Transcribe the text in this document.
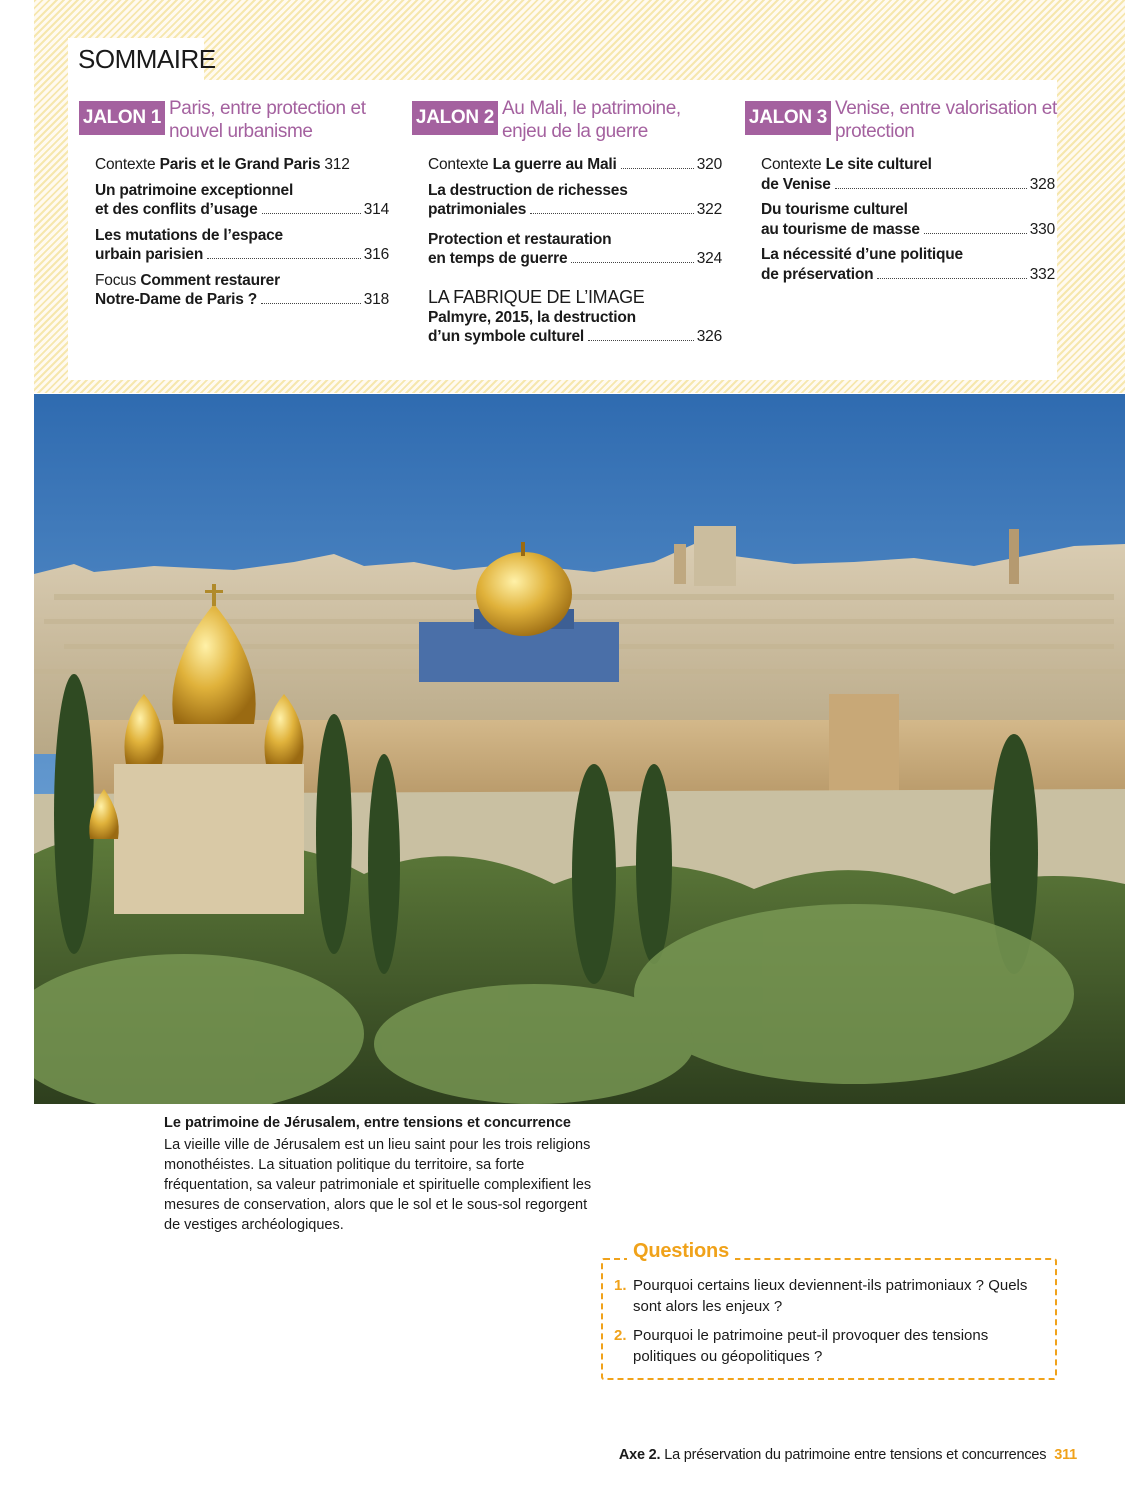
SOMMAIRE
JALON 1 Paris, entre protection et nouvel urbanisme
Contexte
Paris et le Grand Paris 312
Un patrimoine exceptionnel
et des conflits d’usage	314
Les mutations de l’espace
urbain parisien	316
Focus
Comment restaurer
Notre-Dame de Paris ?	318
JALON 2 Au Mali, le patrimoine, enjeu de la guerre
Contexte
La guerre au Mali	320
La destruction de richesses
patrimoniales	322
Protection et restauration
en temps de guerre	324
LA FABRIQUE DE L’IMAGE
Palmyre, 2015, la destruction
d’un symbole culturel	326
JALON 3 Venise, entre valorisation et protection
Contexte
Le site culturel
de Venise	328
Du tourisme culturel
au tourisme de masse	330
La nécessité d’une politique
de préservation	332
Le patrimoine de Jérusalem, entre tensions et concurrence
La vieille ville de Jérusalem est un lieu saint pour les trois religions monothéistes. La situation politique du territoire, sa forte fréquentation, sa valeur patrimoniale et spirituelle complexifient les mesures de conservation, alors que le sol et le sous-sol regorgent de vestiges archéologiques.
Questions
1. Pourquoi certains lieux deviennent-ils patrimoniaux ? Quels sont alors les enjeux ?
2. Pourquoi le patrimoine peut-il provoquer des tensions politiques ou géopolitiques ?
Axe 2. La préservation du patrimoine entre tensions et concurrences 311
